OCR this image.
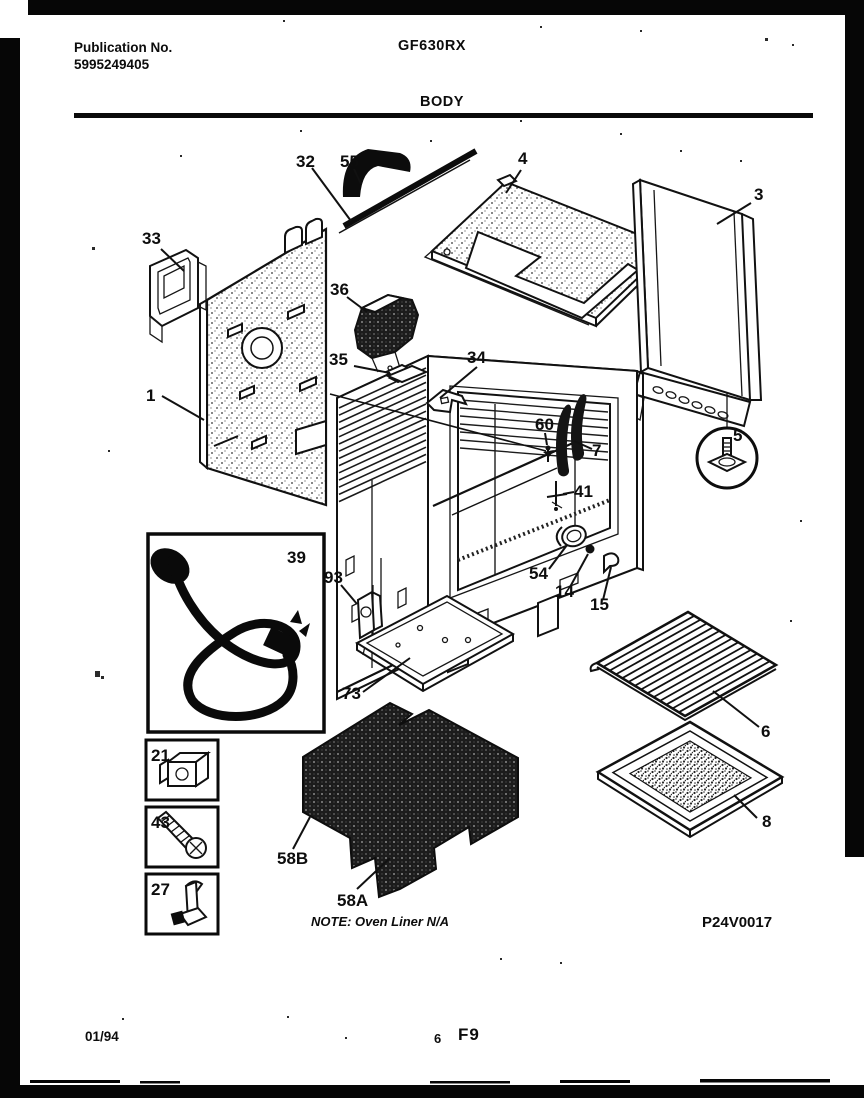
32 55	4
3
33
36
1
35	34
60
7
41
5
39
93	54
14
15
73
6
8
21
43
27
58B
58A
Publication No.
5995249405
GF630RX
BODY
NOTE: Oven Liner N/A	P24V0017
01/94	6 F9
